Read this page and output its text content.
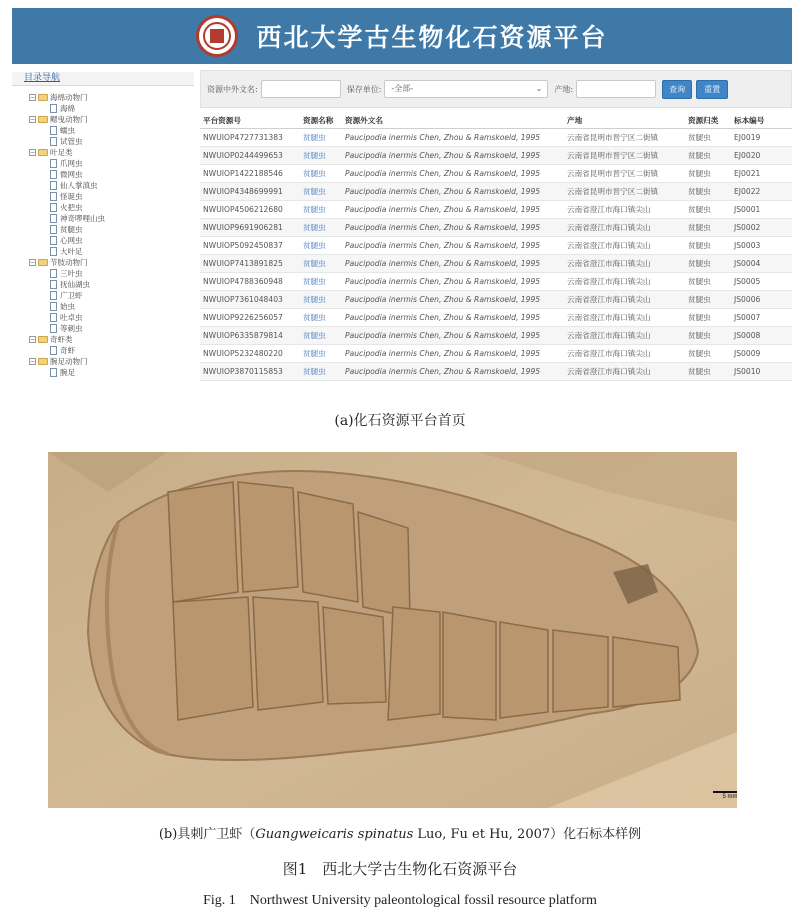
西北大学古生物化石资源平台
目录导航
− 海绵动物门
海绵
− 鳃曳动物门
蠕虫
试管虫
− 叶足类
爪网虫
微网虫
仙人掌滇虫
怪诞虫
火把虫
神奇啰哩山虫
贫腿虫
心网虫
大叶足
− 节肢动物门
三叶虫
抚仙湖虫
广卫虾
始虫
吐卓虫
等刺虫
− 奇虾类
奇虾
− 腕足动物门
腕足
资源中外文名:	保存单位:	-全部-	⌄ 产地:	查询	重置
平台资源号	资源名称	资源外文名	产地	资源归类	标本编号
NWUIOP4727731383	贫腿虫	Paucipodia inermis Chen, Zhou & Ramskoeld, 1995	云南省昆明市晋宁区二街镇	贫腿虫	EJ0019
NWUIOP0244499653	贫腿虫	Paucipodia inermis Chen, Zhou & Ramskoeld, 1995	云南省昆明市晋宁区二街镇	贫腿虫	EJ0020
NWUIOP1422188546	贫腿虫	Paucipodia inermis Chen, Zhou & Ramskoeld, 1995	云南省昆明市晋宁区二街镇	贫腿虫	EJ0021
NWUIOP4348699991	贫腿虫	Paucipodia inermis Chen, Zhou & Ramskoeld, 1995	云南省昆明市晋宁区二街镇	贫腿虫	EJ0022
NWUIOP4506212680	贫腿虫	Paucipodia inermis Chen, Zhou & Ramskoeld, 1995	云南省澄江市海口镇尖山	贫腿虫	JS0001
NWUIOP9691906281	贫腿虫	Paucipodia inermis Chen, Zhou & Ramskoeld, 1995	云南省澄江市海口镇尖山	贫腿虫	JS0002
NWUIOP5092450837	贫腿虫	Paucipodia inermis Chen, Zhou & Ramskoeld, 1995	云南省澄江市海口镇尖山	贫腿虫	JS0003
NWUIOP7413891825	贫腿虫	Paucipodia inermis Chen, Zhou & Ramskoeld, 1995	云南省澄江市海口镇尖山	贫腿虫	JS0004
NWUIOP4788360948	贫腿虫	Paucipodia inermis Chen, Zhou & Ramskoeld, 1995	云南省澄江市海口镇尖山	贫腿虫	JS0005
NWUIOP7361048403	贫腿虫	Paucipodia inermis Chen, Zhou & Ramskoeld, 1995	云南省澄江市海口镇尖山	贫腿虫	JS0006
NWUIOP9226256057	贫腿虫	Paucipodia inermis Chen, Zhou & Ramskoeld, 1995	云南省澄江市海口镇尖山	贫腿虫	JS0007
NWUIOP6335879814	贫腿虫	Paucipodia inermis Chen, Zhou & Ramskoeld, 1995	云南省澄江市海口镇尖山	贫腿虫	JS0008
NWUIOP5232480220	贫腿虫	Paucipodia inermis Chen, Zhou & Ramskoeld, 1995	云南省澄江市海口镇尖山	贫腿虫	JS0009
NWUIOP3870115853	贫腿虫	Paucipodia inermis Chen, Zhou & Ramskoeld, 1995	云南省澄江市海口镇尖山	贫腿虫	JS0010
(a)化石资源平台首页
5 mm
(b)具刺广卫虾（Guangweicaris spinatus Luo, Fu et Hu, 2007）化石标本样例
图1　西北大学古生物化石资源平台
Fig. 1　Northwest University paleontological fossil resource platform
